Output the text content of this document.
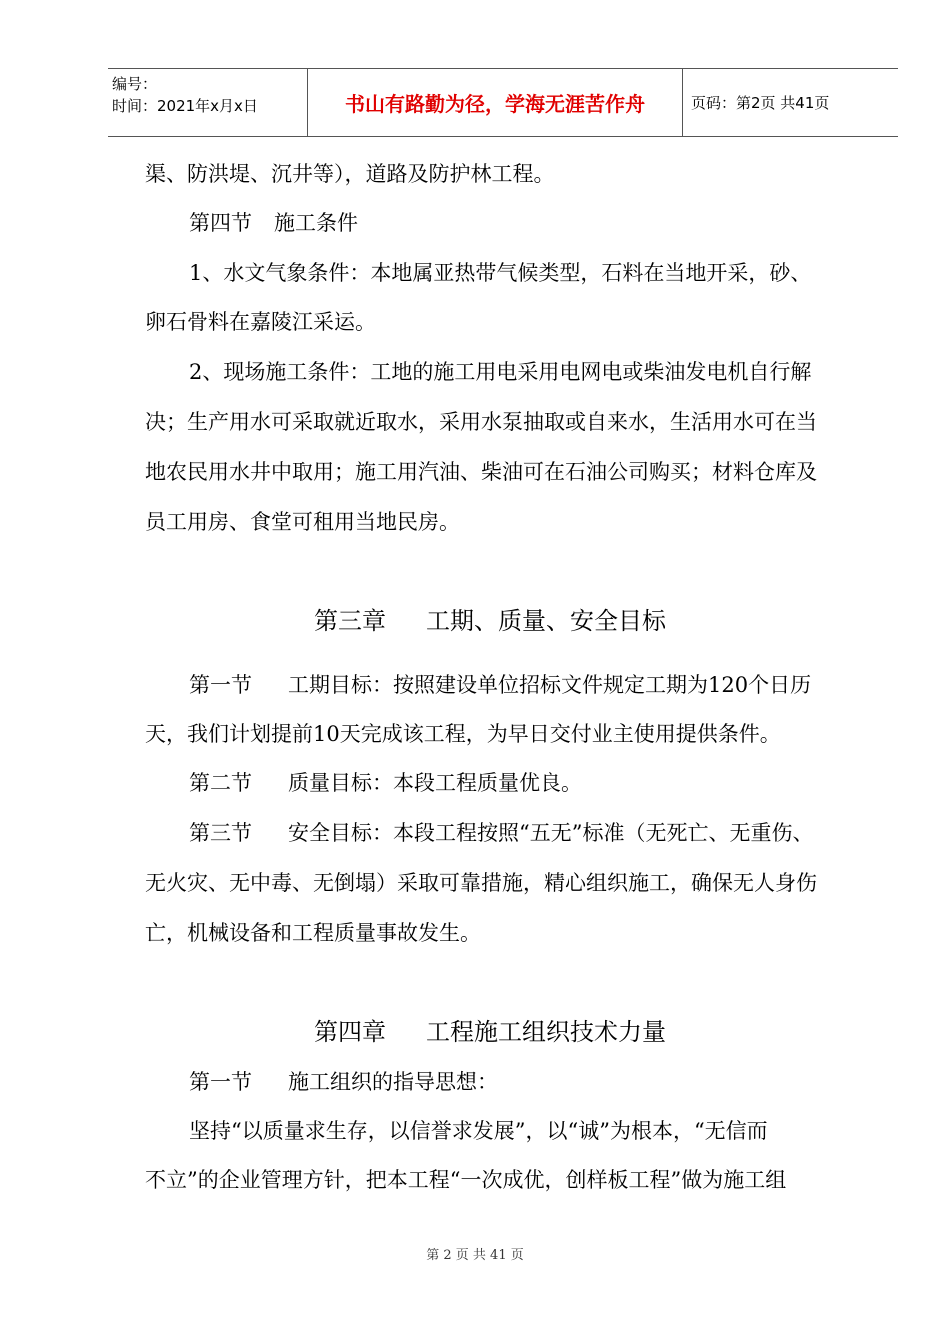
编号：
时间：2021年x月x日	书山有路勤为径，学海无涯苦作舟	页码：第2页 共41页
渠、防洪堤、沉井等），道路及防护林工程。
第四节 施工条件
1、水文气象条件：本地属亚热带气候类型，石料在当地开采，砂、
卵石骨料在嘉陵江采运。
2、现场施工条件：工地的施工用电采用电网电或柴油发电机自行解
决；生产用水可采取就近取水，采用水泵抽取或自来水，生活用水可在当
地农民用水井中取用；施工用汽油、柴油可在石油公司购买；材料仓库及
员工用房、食堂可租用当地民房。
第三章 工期、质量、安全目标
第一节 工期目标：按照建设单位招标文件规定工期为120个日历
天，我们计划提前10天完成该工程，为早日交付业主使用提供条件。
第二节 质量目标：本段工程质量优良。
第三节 安全目标：本段工程按照“五无”标准（无死亡、无重伤、
无火灾、无中毒、无倒塌）采取可靠措施，精心组织施工，确保无人身伤
亡，机械设备和工程质量事故发生。
第四章 工程施工组织技术力量
第一节 施工组织的指导思想：
坚持“以质量求生存，以信誉求发展”，以“诚”为根本，“无信而
不立”的企业管理方针，把本工程“一次成优，创样板工程”做为施工组
第 2 页 共 41 页
